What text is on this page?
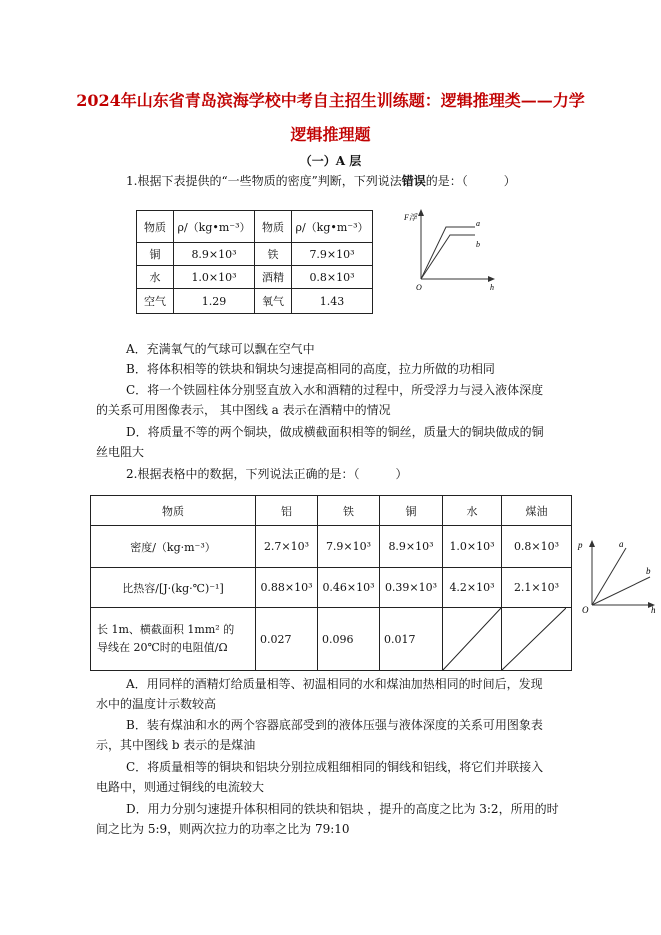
2024年山东省青岛滨海学校中考自主招生训练题：逻辑推理类——力学
逻辑推理题
（一）A 层
1.根据下表提供的“一些物质的密度”判断，下列说法错误的是：（　　　）
物质	ρ/（kg•m⁻³）	物质	ρ/（kg•m⁻³）
铜	8.9×10³	铁	7.9×10³
水	1.0×10³	酒精	0.8×10³
空气	1.29	氧气	1.43
F浮
O	h
a
b
A．充满氧气的气球可以飘在空气中
B．将体积相等的铁块和铜块匀速提高相同的高度，拉力所做的功相同
C．将一个铁圆柱体分别竖直放入水和酒精的过程中，所受浮力与浸入液体深度
的关系可用图像表示， 其中图线 a 表示在酒精中的情况
D．将质量不等的两个铜块，做成横截面积相等的铜丝，质量大的铜块做成的铜
丝电阻大
2.根据表格中的数据，下列说法正确的是：（　　　）
物质	铝	铁	铜	水	煤油
密度/（kg·m⁻³）	2.7×10³	7.9×10³	8.9×10³	1.0×10³	0.8×10³
比热容/[J·(kg·℃)⁻¹]	0.88×10³	0.46×10³	0.39×10³	4.2×10³	2.1×10³

长 1m、横截面积 1mm² 的
导线在 20℃时的电阻值/Ω	0.027	0.096	0.017	

p
O	h
a
b
A．用同样的酒精灯给质量相等、初温相同的水和煤油加热相同的时间后，发现
水中的温度计示数较高
B．装有煤油和水的两个容器底部受到的液体压强与液体深度的关系可用图象表
示，其中图线 b 表示的是煤油
C．将质量相等的铜块和铝块分别拉成粗细相同的铜线和铝线，将它们并联接入
电路中，则通过铜线的电流较大
D．用力分别匀速提升体积相同的铁块和铝块 ，提升的高度之比为 3:2，所用的时
间之比为 5:9，则两次拉力的功率之比为 79:10
